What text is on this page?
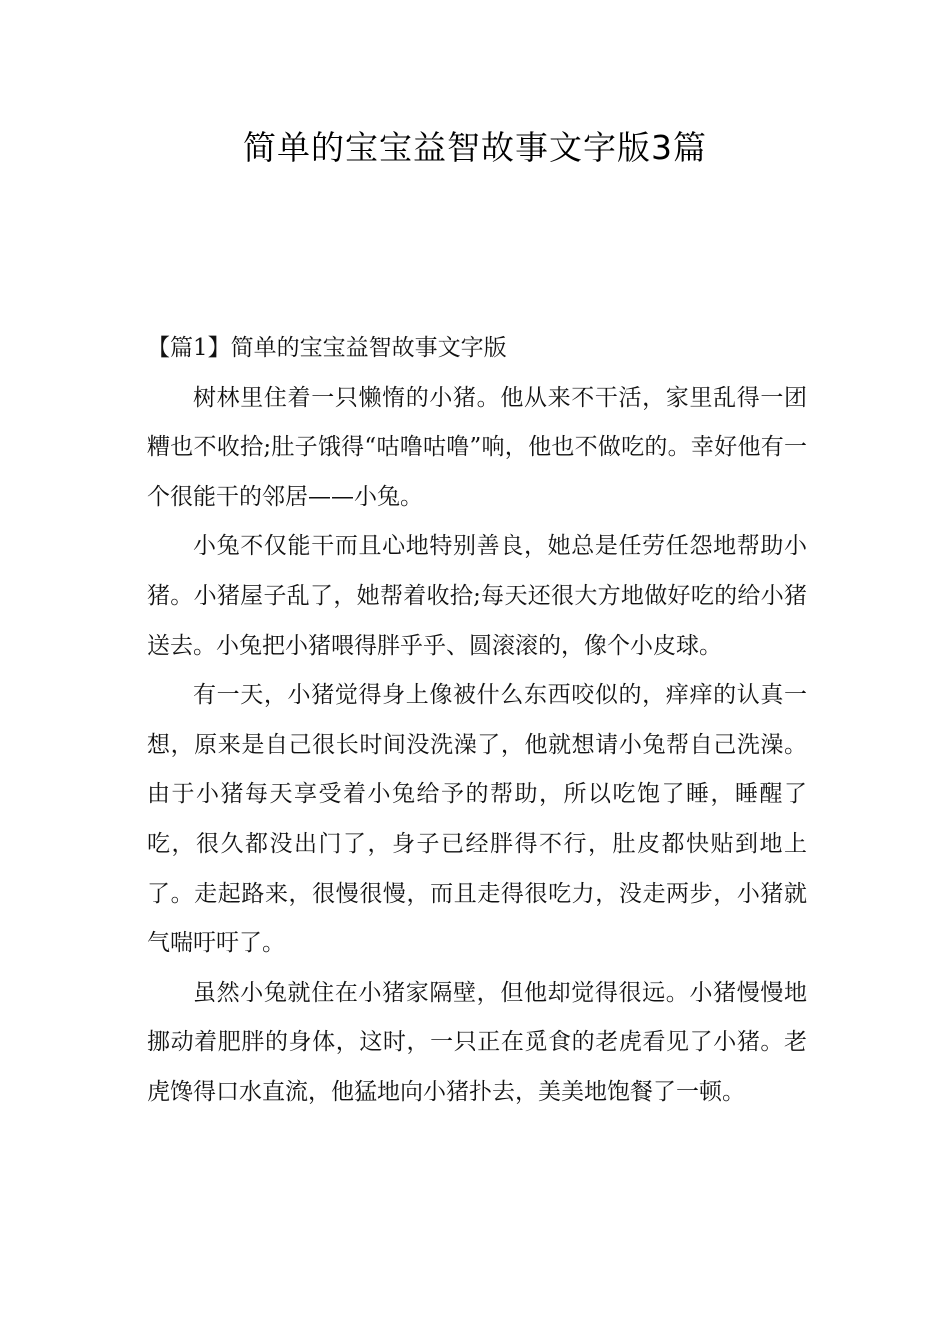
简单的宝宝益智故事文字版3篇
【篇1】简单的宝宝益智故事文字版

树林里住着一只懒惰的小猪。他从来不干活，家里乱得一团糟也不收拾;肚子饿得“咕噜咕噜”响，他也不做吃的。幸好他有一个很能干的邻居——小兔。

小兔不仅能干而且心地特别善良，她总是任劳任怨地帮助小猪。小猪屋子乱了，她帮着收拾;每天还很大方地做好吃的给小猪送去。小兔把小猪喂得胖乎乎、圆滚滚的，像个小皮球。

有一天，小猪觉得身上像被什么东西咬似的，痒痒的认真一想，原来是自己很长时间没洗澡了，他就想请小兔帮自己洗澡。由于小猪每天享受着小兔给予的帮助，所以吃饱了睡，睡醒了吃，很久都没出门了，身子已经胖得不行，肚皮都快贴到地上了。走起路来，很慢很慢，而且走得很吃力，没走两步，小猪就气喘吁吁了。

虽然小兔就住在小猪家隔壁，但他却觉得很远。小猪慢慢地挪动着肥胖的身体，这时，一只正在觅食的老虎看见了小猪。老虎馋得口水直流，他猛地向小猪扑去，美美地饱餐了一顿。
